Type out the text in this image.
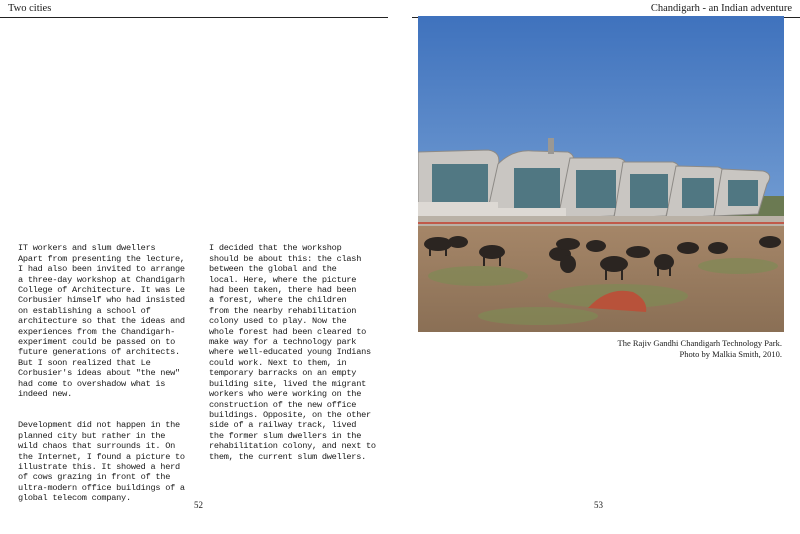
Two cities	Chandigarh - an Indian adventure

IT workers and slum dwellers
Apart from presenting the lecture,
I had also been invited to arrange
a three-day workshop at Chandigarh
College of Architecture. It was Le
Corbusier himself who had insisted
on establishing a school of
architecture so that the ideas and
experiences from the Chandigarh-
experiment could be passed on to
future generations of architects.
But I soon realized that Le
Corbusier's ideas about "the new"
had come to overshadow what is
indeed new.

Development did not happen in the
planned city but rather in the
wild chaos that surrounds it. On
the Internet, I found a picture to
illustrate this. It showed a herd
of cows grazing in front of the
ultra-modern office buildings of a
global telecom company.

I decided that the workshop
should be about this: the clash
between the global and the
local. Here, where the picture
had been taken, there had been
a forest, where the children
from the nearby rehabilitation
colony used to play. Now the
whole forest had been cleared to
make way for a technology park
where well-educated young Indians
could work. Next to them, in
temporary barracks on an empty
building site, lived the migrant
workers who were working on the
construction of the new office
buildings. Opposite, on the other
side of a railway track, lived
the former slum dwellers in the
rehabilitation colony, and next to
them, the current slum dwellers.

52	53
The Rajiv Gandhi Chandigarh Technology Park.
Photo by Malkia Smith, 2010.
